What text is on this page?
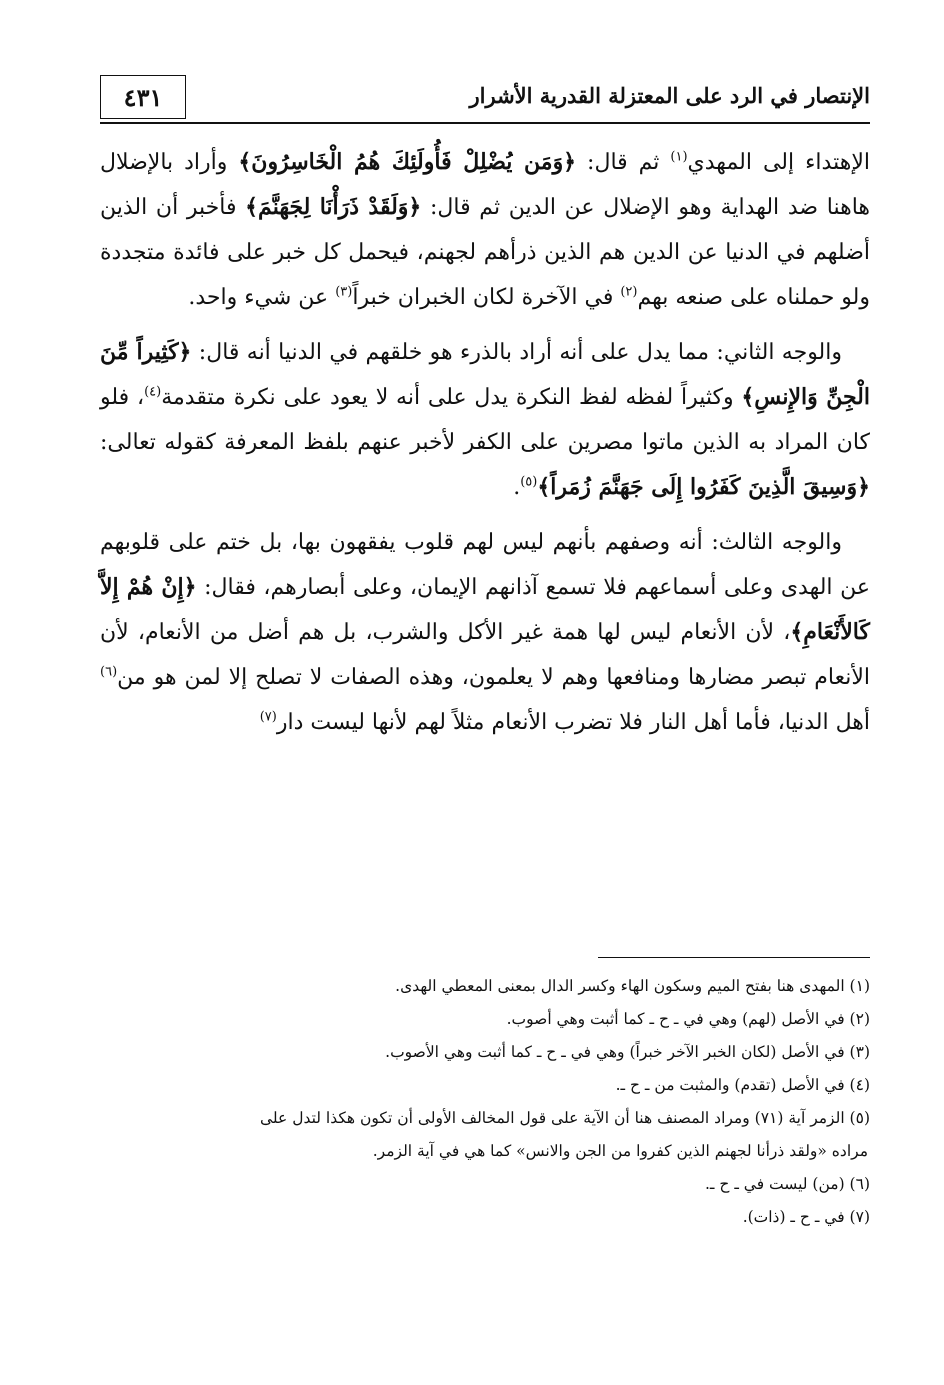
٤٣١	الإنتصار في الرد على المعتزلة القدرية الأشرار

الإهتداء إلى المهدي$^{(١)}$ ثم قال: ﴿وَمَن يُضْلِلْ فَأُولَئِكَ هُمُ الْخَاسِرُونَ﴾ وأراد بالإضلال هاهنا ضد الهداية وهو الإضلال عن الدين ثم قال: ﴿وَلَقَدْ ذَرَأْنَا لِجَهَنَّمَ﴾ فأخبر أن الذين أضلهم في الدنيا عن الدين هم الذين ذرأهم لجهنم، فيحمل كل خبر على فائدة متجددة ولو حملناه على صنعه بهم$^{(٢)}$ في الآخرة لكان الخبران خبراً$^{(٣)}$ عن شيء واحد.

والوجه الثاني: مما يدل على أنه أراد بالذرء هو خلقهم في الدنيا أنه قال: ﴿كَثِيراً مِّنَ الْجِنِّ وَالإِنسِ﴾ وكثيراً لفظه لفظ النكرة يدل على أنه لا يعود على نكرة متقدمة$^{(٤)}$، فلو كان المراد به الذين ماتوا مصرين على الكفر لأخبر عنهم بلفظ المعرفة كقوله تعالى: ﴿وَسِيقَ الَّذِينَ كَفَرُوا إِلَى جَهَنَّمَ زُمَراً﴾$^{(٥)}$.

والوجه الثالث: أنه وصفهم بأنهم ليس لهم قلوب يفقهون بها، بل ختم على قلوبهم عن الهدى وعلى أسماعهم فلا تسمع آذانهم الإيمان، وعلى أبصارهم، فقال: ﴿إِنْ هُمْ إِلاَّ كَالأَنْعَامِ﴾، لأن الأنعام ليس لها همة غير الأكل والشرب، بل هم أضل من الأنعام، لأن الأنعام تبصر مضارها ومنافعها وهم لا يعلمون، وهذه الصفات لا تصلح إلا لمن هو من$^{(٦)}$ أهل الدنيا، فأما أهل النار فلا تضرب الأنعام مثلاً لهم لأنها ليست دار$^{(٧)}$

(١) المهدى هنا بفتح الميم وسكون الهاء وكسر الدال بمعنى المعطي الهدى.

(٢) في الأصل (لهم) وهي في ـ ح ـ كما أثبت وهي أصوب.

(٣) في الأصل (لكان الخبر الآخر خبراً) وهي في ـ ح ـ كما أثبت وهي الأصوب.

(٤) في الأصل (تقدم) والمثبت من ـ ح ـ.

(٥) الزمر آية (٧١) ومراد المصنف هنا أن الآية على قول المخالف الأولى أن تكون هكذا لتدل على

مراده «ولقد ذرأنا لجهنم الذين كفروا من الجن والانس» كما هي في آية الزمر.

(٦) (من) ليست في ـ ح ـ.

(٧) في ـ ح ـ (ذات).
